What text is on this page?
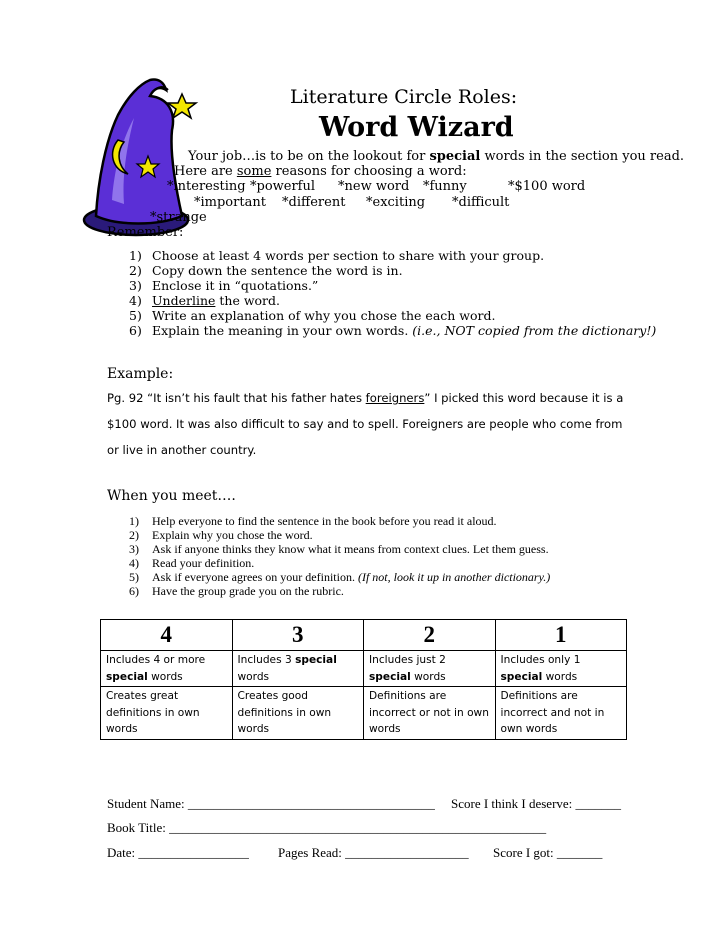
Literature Circle Roles:
Word Wizard
Your job…is to be on the lookout for special words in the section you read.
Here are some reasons for choosing a word:
*interesting *powerful *new word *funny	*$100 word
*important *different *exciting *difficult
*strange
Remember:
1) Choose at least 4 words per section to share with your group.
2) Copy down the sentence the word is in.
3) Enclose it in “quotations.”
4) Underline the word.
5) Write an explanation of why you chose the each word.
6) Explain the meaning in your own words. (i.e., NOT copied from the dictionary!)
Example:
Pg. 92 “It isn’t his fault that his father hates foreigners” I picked this word because it is a
$100 word. It was also difficult to say and to spell. Foreigners are people who come from
or live in another country.
When you meet….
1) Help everyone to find the sentence in the book before you read it aloud.
2) Explain why you chose the word.
3) Ask if anyone thinks they know what it means from context clues. Let them guess.
4) Read your definition.
5) Ask if everyone agrees on your definition. (If not, look it up in another dictionary.)
6) Have the group grade you on the rubric.
4	3	2	1
Includes 4 or more special words	Includes 3 special words	Includes just 2 special words	Includes only 1 special words
Creates great definitions in own words	Creates good definitions in own words	Definitions are incorrect or not in own words	Definitions are incorrect and not in own words
Student Name: ______________________________________ Score I think I deserve: _______
Book Title: __________________________________________________________
Date: _________________ Pages Read: ___________________ Score I got: _______
